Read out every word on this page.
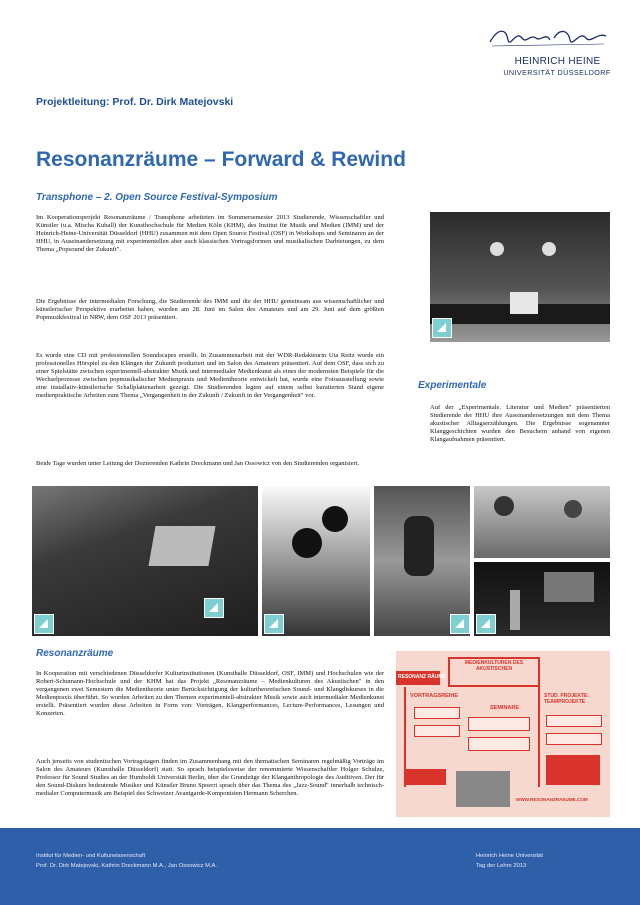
HEINRICH HEINE
UNIVERSITÄT DÜSSELDORF
Projektleitung: Prof. Dr. Dirk Matejovski
Resonanzräume – Forward & Rewind
Transphone – 2. Open Source Festival-Symposium
Im Kooperationsprojekt Resonanzräume / Transphone arbeiteten im Sommersemester 2013 Studierende, Wissenschaftler und Künstler (u.a. Mischa Kuball) der Kunsthochschule für Medien Köln (KHM), des Institut für Musik und Medien (IMM) und der Heinrich-Heine-Universität Düsseldorf (HHU) zusammen mit dem Open Source Festival (OSF) in Workshops und Seminaren an der HHU, in Auseinandersetzung mit experimentellen aber auch klassischen Vortragsformen und musikalischen Darbietungen, zu dem Thema „Popsound der Zukunft".
Die Ergebnisse der intermedialen Forschung, die Studierende des IMM und die der HHU gemeinsam aus wissenschaftlicher und künstlerischer Perspektive erarbeitet haben, wurden am 28. Juni im Salon des Amateurs und am 29. Juni auf dem größten Popmusikfestival in NRW, dem OSF 2013 präsentiert.
Es wurde eine CD mit professionellen Soundscapes erstellt. In Zusammenarbeit mit der WDR-Redakteurin Uta Reitz wurde ein professionelles Hörspiel zu den Klängen der Zukunft produziert und im Salon des Amateurs präsentiert. Auf dem OSF, dass sich zu einer Spielstätte zwischen experimentell-abstrakter Musik und intermedialer Medienkunst als eines der modernsten Beispiele für die Wechselprozesse zwischen popmusikalischer Medienpraxis und Medientheorie entwickelt hat, wurde eine Fotoausstellung sowie eine installativ-künstlerische Schallplattenarbeit gezeigt. Die Studierenden legten auf einem selbst kuratierten Stand eigene medienpraktische Arbeiten zum Thema „Vergangenheit in der Zukunft / Zukunft in der Vergangenheit" vor.
Beide Tage wurden unter Leitung der Dozierenden Kathrin Dreckmann und Jan Ossowicz von den Studierenden organisiert.
Experimentale
Auf der „Experimentale. Literatur und Medien" präsentierten Studierende der HHU ihre Auseinandersetzungen mit dem Thema akustischer Alltagserzählungen. Die Ergebnisse sogenannter Klanggeschichten wurden den Besuchern anhand von eigenen Klangaufnahmen präsentiert.
Resonanzräume
In Kooperation mit verschiedenen Düsseldorfer Kulturinstitutionen (Kunsthalle Düsseldorf, OSF, IMM) und Hochschulen wie der Robert-Schumann-Hochschule und der KHM hat das Projekt „Resonanzräume – Medienkulturen des Akustischen" in den vergangenen zwei Semestern die Medientheorie unter Berücksichtigung der kulturtheoretischen Sound- und Klangdiskurses in die Medienpraxis überführt. So wurden Arbeiten zu den Themen experimentell-abstrakter Musik sowie auch intermedialer Medienkunst erstellt. Präsentiert wurden diese Arbeiten in Form von: Vorträgen, Klangperformances, Lecture-Performances, Lesungen und Konzerten.
Auch jenseits von studentischen Vortragstagen finden im Zusammenhang mit den thematischen Seminaren regelmäßig Vorträge im Salon des Amateurs (Kunsthalle Düsseldorf) statt. So sprach beispielsweise der renommierte Wissenschaftler Holger Schulze, Professor für Sound Studies an der Humboldt Universität Berlin, über die Grundzüge der Klanganthropologie des Auditiven. Der für den Sound-Diskurs bedeutende Musiker und Künstler Bruno Spoerri sprach über das Thema des „Jazz-Sound" innerhalb technisch-medialer Computermusik am Beispiel des Schweizer Avantgarde-Komponisten Hermann Scherchen.
MEDIENKULTUREN DES AKUSTISCHEN
RESONANZ RÄUME
VORTRAGSREIHE
SEMINARE
STUD. PROJEKTE: TEAMPROJEKTE
WWW.RESONANZRAEUME.COM
Institut für Medien- und Kulturwissenschaft
Prof. Dr. Dirk Matejovski, Kathrin Dreckmann M.A., Jan Ossowicz M.A.
Heinrich Heine Universität
Tag der Lehre 2013
